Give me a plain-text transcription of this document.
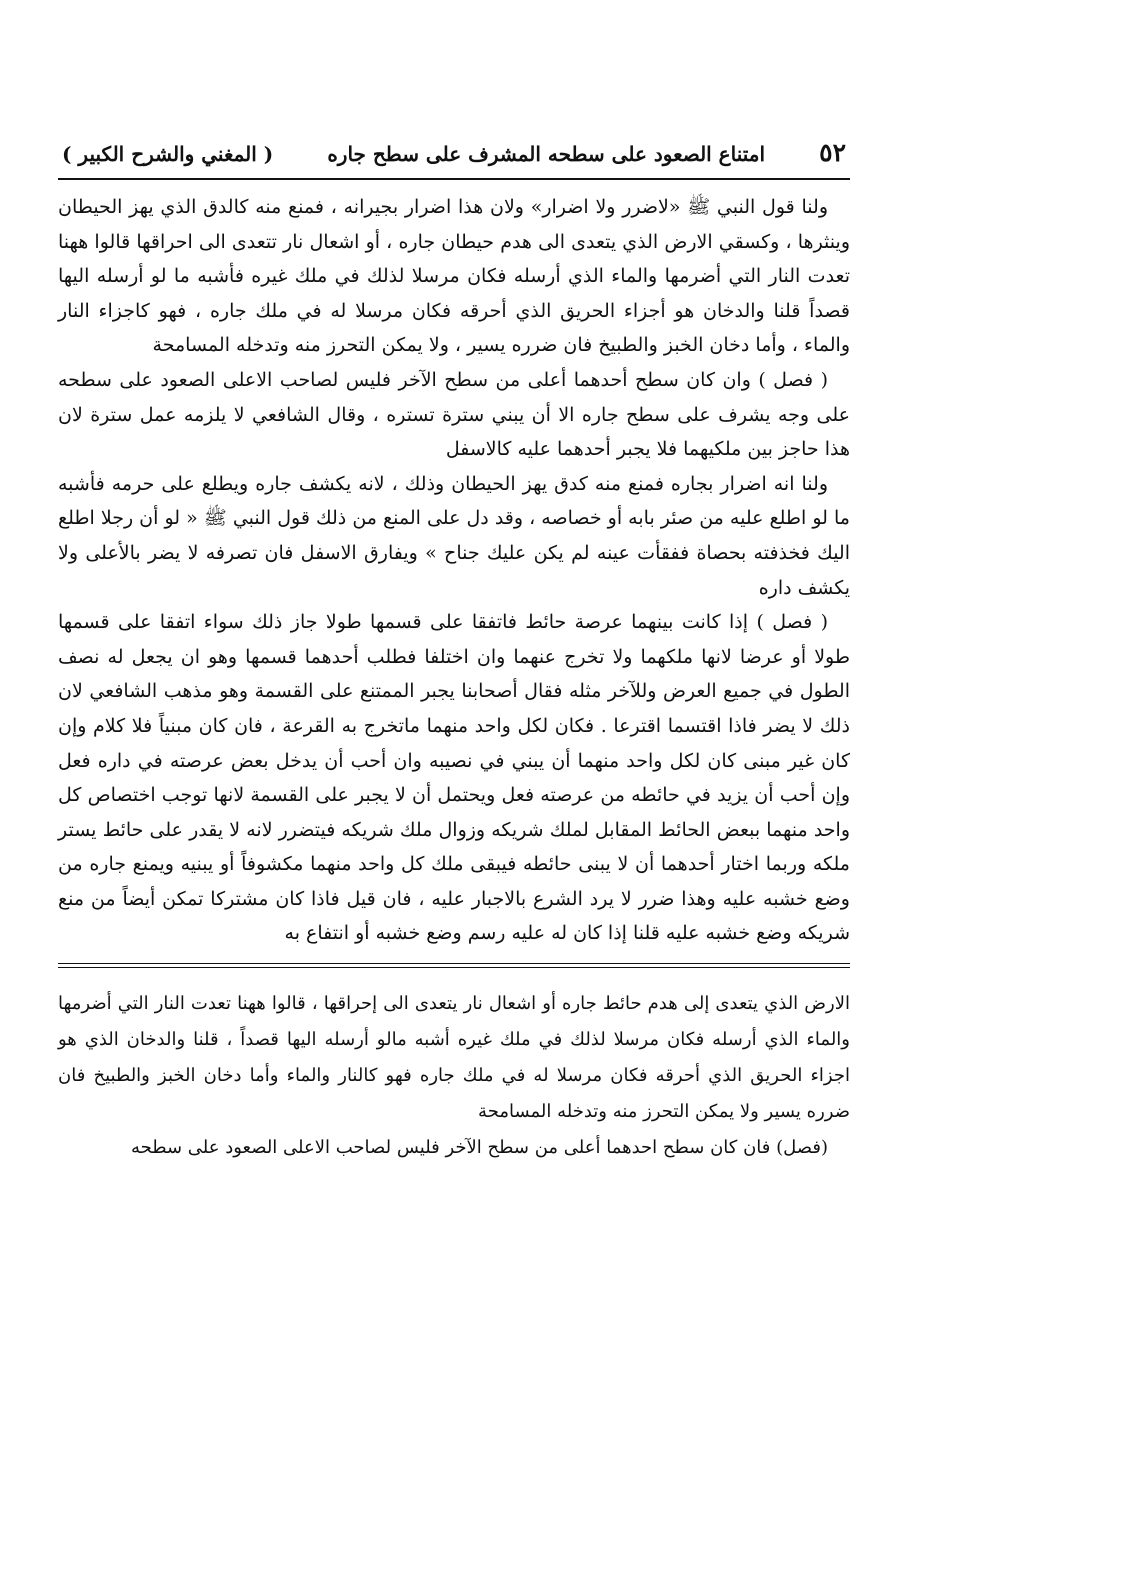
٥٢
امتناع الصعود على سطحه المشرف على سطح جاره
( المغني والشرح الكبير )

ولنا قول النبي ﷺ «لاضرر ولا اضرار» ولان هذا اضرار بجيرانه ، فمنع منه كالدق الذي يهز الحيطان وينثرها ، وكسقي الارض الذي يتعدى الى هدم حيطان جاره ، أو اشعال نار تتعدى الى احراقها قالوا ههنا تعدت النار التي أضرمها والماء الذي أرسله فكان مرسلا لذلك في ملك غيره فأشبه ما لو أرسله اليها قصداً قلنا والدخان هو أجزاء الحريق الذي أحرقه فكان مرسلا له في ملك جاره ، فهو كاجزاء النار والماء ، وأما دخان الخبز والطبيخ فان ضرره يسير ، ولا يمكن التحرز منه وتدخله المسامحة

( فصل ) وان كان سطح أحدهما أعلى من سطح الآخر فليس لصاحب الاعلى الصعود على سطحه على وجه يشرف على سطح جاره الا أن يبني سترة تستره ، وقال الشافعي لا يلزمه عمل سترة لان هذا حاجز بين ملكيهما فلا يجبر أحدهما عليه كالاسفل

ولنا انه اضرار بجاره فمنع منه كدق يهز الحيطان وذلك ، لانه يكشف جاره ويطلع على حرمه فأشبه ما لو اطلع عليه من صئر بابه أو خصاصه ، وقد دل على المنع من ذلك قول النبي ﷺ « لو أن رجلا اطلع اليك فخذفته بحصاة ففقأت عينه لم يكن عليك جناح » ويفارق الاسفل فان تصرفه لا يضر بالأعلى ولا يكشف داره

( فصل ) إذا كانت بينهما عرصة حائط فاتفقا على قسمها طولا جاز ذلك سواء اتفقا على قسمها طولا أو عرضا لانها ملكهما ولا تخرج عنهما وان اختلفا فطلب أحدهما قسمها وهو ان يجعل له نصف الطول في جميع العرض وللآخر مثله فقال أصحابنا يجبر الممتنع على القسمة وهو مذهب الشافعي لان ذلك لا يضر فاذا اقتسما اقترعا . فكان لكل واحد منهما ماتخرج به القرعة ، فان كان مبنياً فلا كلام وإن كان غير مبنى كان لكل واحد منهما أن يبني في نصيبه وان أحب أن يدخل بعض عرصته في داره فعل وإن أحب أن يزيد في حائطه من عرصته فعل ويحتمل أن لا يجبر على القسمة لانها توجب اختصاص كل واحد منهما ببعض الحائط المقابل لملك شريكه وزوال ملك شريكه فيتضرر لانه لا يقدر على حائط يستر ملكه وربما اختار أحدهما أن لا يبنى حائطه فيبقى ملك كل واحد منهما مكشوفاً أو يبنيه ويمنع جاره من وضع خشبه عليه وهذا ضرر لا يرد الشرع بالاجبار عليه ، فان قيل فاذا كان مشتركا تمكن أيضاً من منع شريكه وضع خشبه عليه قلنا إذا كان له عليه رسم وضع خشبه أو انتفاع به

الارض الذي يتعدى إلى هدم حائط جاره أو اشعال نار يتعدى الى إحراقها ، قالوا ههنا تعدت النار التي أضرمها والماء الذي أرسله فكان مرسلا لذلك في ملك غيره أشبه مالو أرسله اليها قصداً ، قلنا والدخان الذي هو اجزاء الحريق الذي أحرقه فكان مرسلا له في ملك جاره فهو كالنار والماء وأما دخان الخبز والطبيخ فان ضرره يسير ولا يمكن التحرز منه وتدخله المسامحة

(فصل) فان كان سطح احدهما أعلى من سطح الآخر فليس لصاحب الاعلى الصعود على سطحه
